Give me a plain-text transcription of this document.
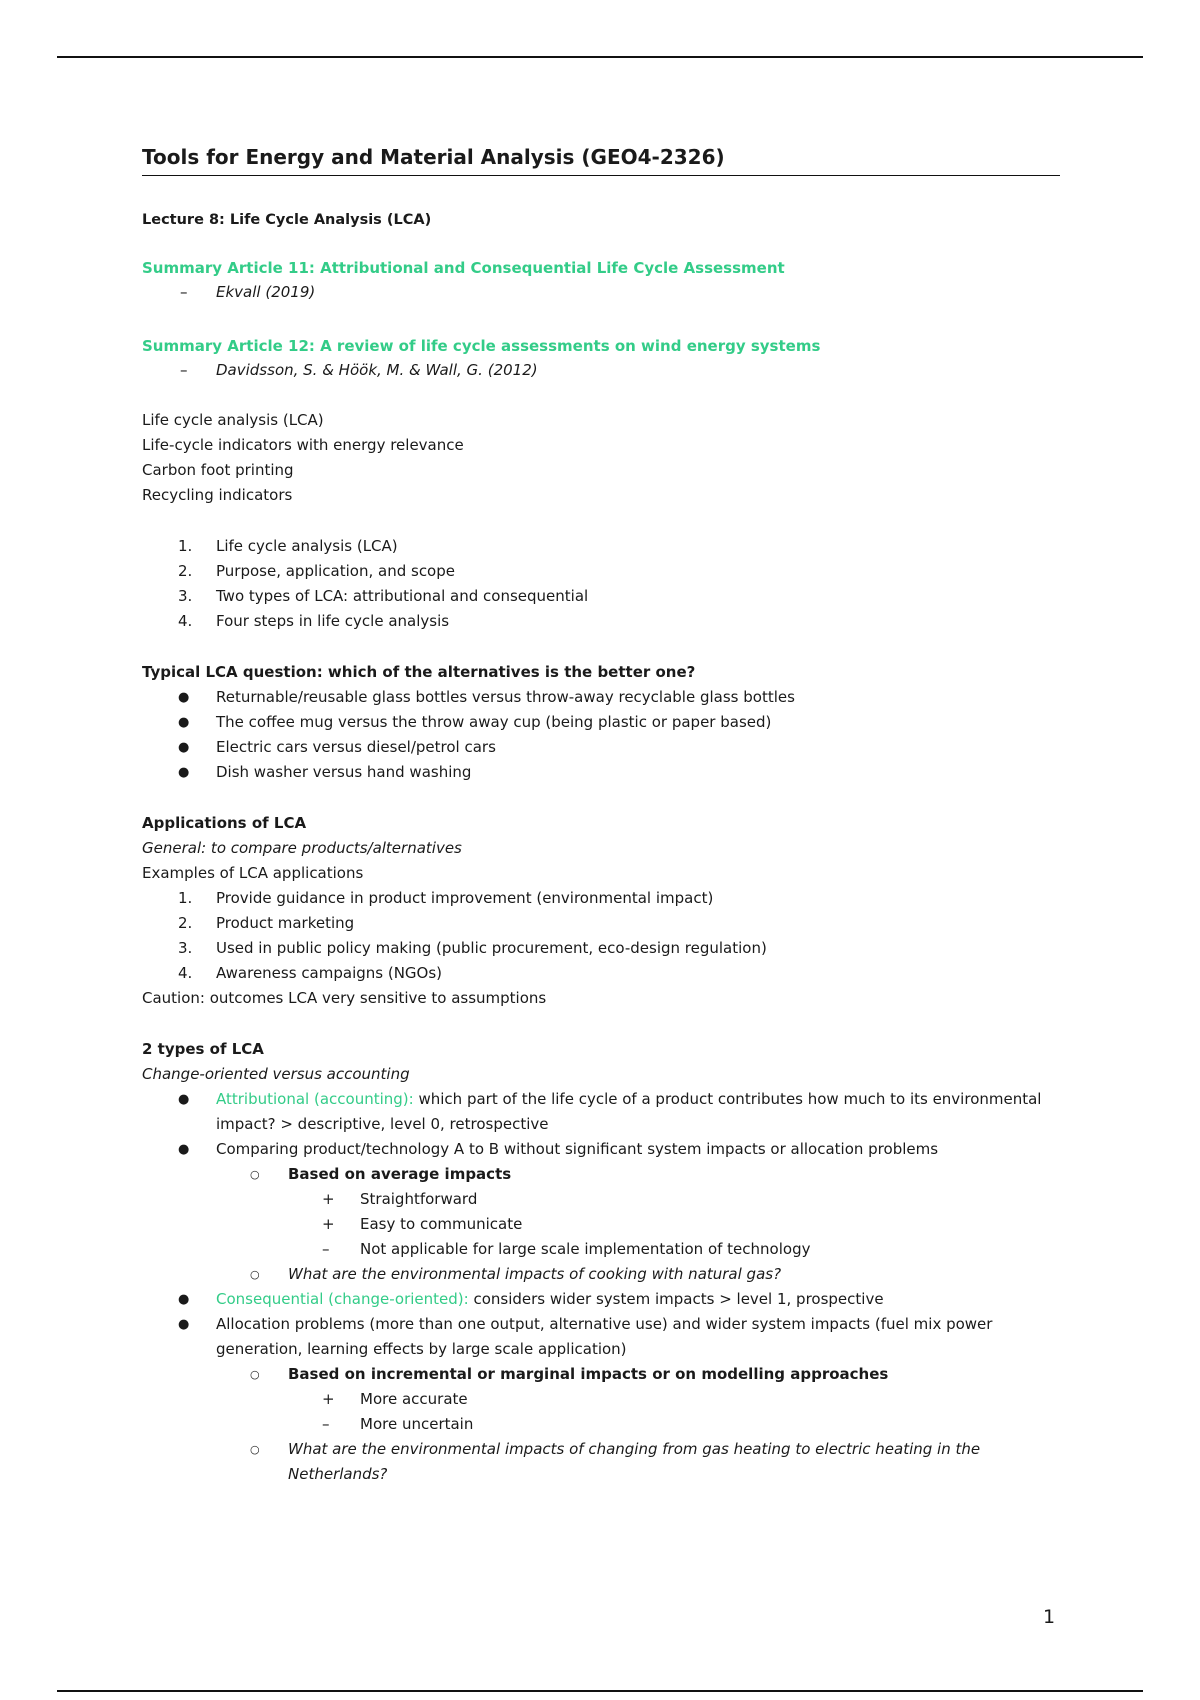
Tools for Energy and Material Analysis (GEO4-2326)
Lecture 8: Life Cycle Analysis (LCA)
Summary Article 11: Attributional and Consequential Life Cycle Assessment
– Ekvall (2019)
Summary Article 12: A review of life cycle assessments on wind energy systems
– Davidsson, S. & Höök, M. & Wall, G. (2012)
Life cycle analysis (LCA)
Life-cycle indicators with energy relevance
Carbon foot printing
Recycling indicators
1.	Life cycle analysis (LCA)
2.	Purpose, application, and scope
3.	Two types of LCA: attributional and consequential
4.	Four steps in life cycle analysis
Typical LCA question: which of the alternatives is the better one?
●	Returnable/reusable glass bottles versus throw-away recyclable glass bottles
●	The coffee mug versus the throw away cup (being plastic or paper based)
●	Electric cars versus diesel/petrol cars
●	Dish washer versus hand washing
Applications of LCA
General: to compare products/alternatives
Examples of LCA applications
1.	Provide guidance in product improvement (environmental impact)
2.	Product marketing
3.	Used in public policy making (public procurement, eco-design regulation)
4.	Awareness campaigns (NGOs)
Caution: outcomes LCA very sensitive to assumptions
2 types of LCA
Change-oriented versus accounting
●	Attributional (accounting): which part of the life cycle of a product contributes how much to its environmental impact? > descriptive, level 0, retrospective
●	Comparing product/technology A to B without significant system impacts or allocation problems
○ Based on average impacts
+ Straightforward
+ Easy to communicate
– Not applicable for large scale implementation of technology
○ What are the environmental impacts of cooking with natural gas?
●	Consequential (change-oriented): considers wider system impacts > level 1, prospective
●	Allocation problems (more than one output, alternative use) and wider system impacts (fuel mix power generation, learning effects by large scale application)
○ Based on incremental or marginal impacts or on modelling approaches
+ More accurate
– More uncertain
○ What are the environmental impacts of changing from gas heating to electric heating in the Netherlands?
1
